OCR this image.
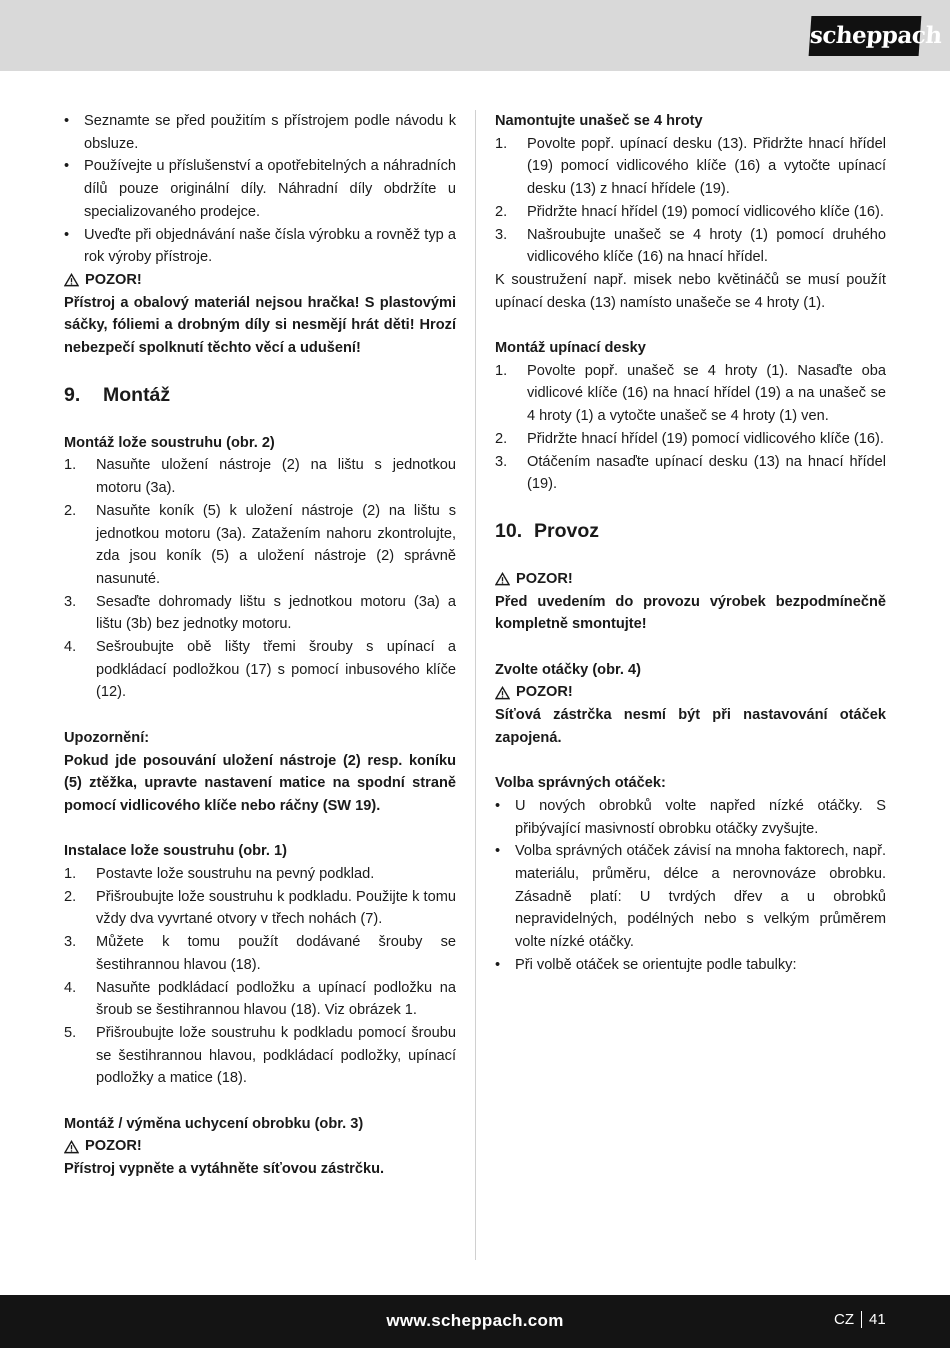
scheppach
• Seznamte se před použitím s přístrojem podle návodu k obsluze.
• Používejte u příslušenství a opotřebitelných a náhradních dílů pouze originální díly. Náhradní díly obdržíte u specializovaného prodejce.
• Uveďte při objednávání naše čísla výrobku a rovněž typ a rok výroby přístroje.
POZOR!

Přístroj a obalový materiál nejsou hračka! S plastovými sáčky, fóliemi a drobným díly si nesmějí hrát děti! Hrozí nebezpečí spolknutí těchto věcí a udušení!

9.	Montáž

Montáž lože soustruhu (obr. 2)

1.	Nasuňte uložení nástroje (2) na lištu s jednotkou motoru (3a).
2.	Nasuňte koník (5) k uložení nástroje (2) na lištu s jednotkou motoru (3a). Zatažením nahoru zkontrolujte, zda jsou koník (5) a uložení nástroje (2) správně nasunuté.
3.	Sesaďte dohromady lištu s jednotkou motoru (3a) a lištu (3b) bez jednotky motoru.
4.	Sešroubujte obě lišty třemi šrouby s upínací a podkládací podložkou (17) s pomocí inbusového klíče (12).

Upozornění:

Pokud jde posouvání uložení nástroje (2) resp. koníku (5) ztěžka, upravte nastavení matice na spodní straně pomocí vidlicového klíče nebo ráčny (SW 19).

Instalace lože soustruhu (obr. 1)

1.	Postavte lože soustruhu na pevný podklad.
2.	Přišroubujte lože soustruhu k podkladu. Použijte k tomu vždy dva vyvrtané otvory v třech nohách (7).
3.	Můžete k tomu použít dodávané šrouby se šestihrannou hlavou (18).
4.	Nasuňte podkládací podložku a upínací podložku na šroub se šestihrannou hlavou (18). Viz obrázek 1.
5.	Přišroubujte lože soustruhu k podkladu pomocí šroubu se šestihrannou hlavou, podkládací podložky, upínací podložky a matice (18).

Montáž / výměna uchycení obrobku (obr. 3)

POZOR!

Přístroj vypněte a vytáhněte síťovou zástrčku.

Namontujte unašeč se 4 hroty

1.	Povolte popř. upínací desku (13). Přidržte hnací hřídel (19) pomocí vidlicového klíče (16) a vytočte upínací desku (13) z hnací hřídele (19).
2.	Přidržte hnací hřídel (19) pomocí vidlicového klíče (16).
3.	Našroubujte unašeč se 4 hroty (1) pomocí druhého vidlicového klíče (16) na hnací hřídel.

K soustružení např. misek nebo květináčů se musí použít upínací deska (13) namísto unašeče se 4 hroty (1).

Montáž upínací desky

1.	Povolte popř. unašeč se 4 hroty (1). Nasaďte oba vidlicové klíče (16) na hnací hřídel (19) a na unašeč se 4 hroty (1) a vytočte unašeč se 4 hroty (1) ven.
2.	Přidržte hnací hřídel (19) pomocí vidlicového klíče (16).
3.	Otáčením nasaďte upínací desku (13) na hnací hřídel (19).
10. Provoz
POZOR!

Před uvedením do provozu výrobek bezpodmínečně kompletně smontujte!

Zvolte otáčky (obr. 4)

POZOR!

Síťová zástrčka nesmí být při nastavování otáček zapojená.

Volba správných otáček:

• U nových obrobků volte napřed nízké otáčky. S přibývající masivností obrobku otáčky zvyšujte.
• Volba správných otáček závisí na mnoha faktorech, např. materiálu, průměru, délce a nerovnováze obrobku. Zásadně platí: U tvrdých dřev a u obrobků nepravidelných, podélných nebo s velkým průměrem volte nízké otáčky.
• Při volbě otáček se orientujte podle tabulky:
www.scheppach.com	CZ 41
